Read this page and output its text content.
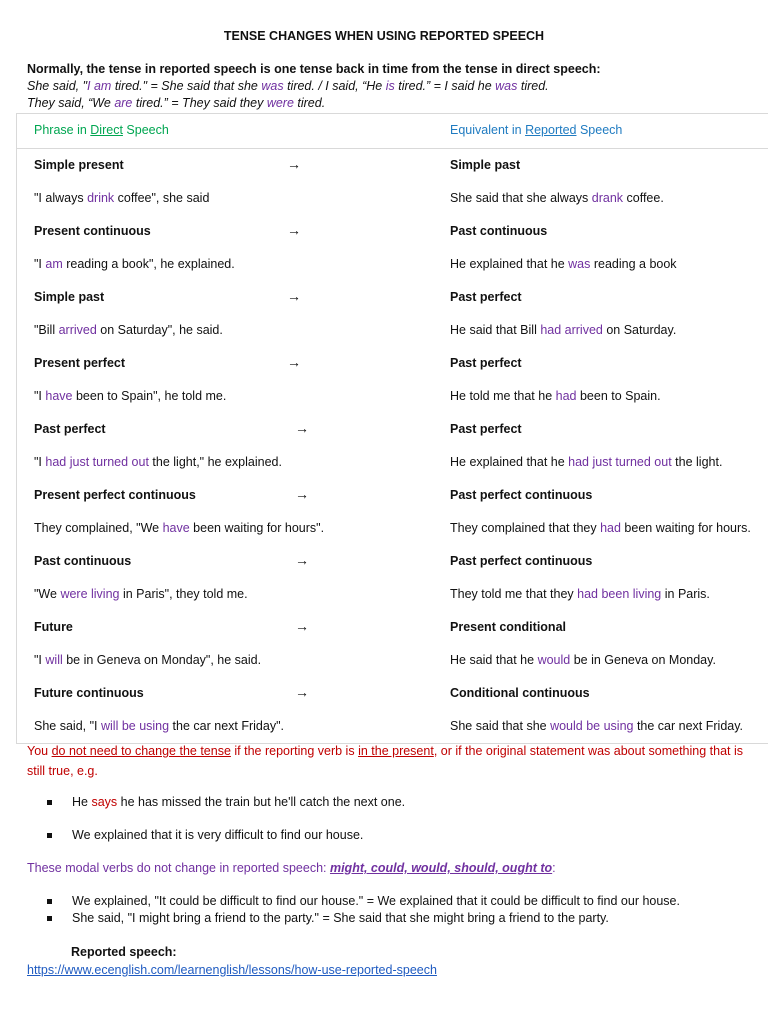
TENSE CHANGES WHEN USING REPORTED SPEECH
Normally, the tense in reported speech is one tense back in time from the tense in direct speech:
She said, "I am tired." = She said that she was tired. / I said, “He is tired.” = I said he was tired.
They said, “We are tired.” = They said they were tired.
Phrase in Direct Speech	Equivalent in Reported Speech
Simple present	→	Simple past
"I always drink coffee", she said	She said that she always drank coffee.
Present continuous	→	Past continuous
"I am reading a book", he explained.	He explained that he was reading a book
Simple past	→	Past perfect
"Bill arrived on Saturday", he said.	He said that Bill had arrived on Saturday.
Present perfect	→	Past perfect
"I have been to Spain", he told me.	He told me that he had been to Spain.
Past perfect	→	Past perfect
"I had just turned out the light," he explained.	He explained that he had just turned out the light.
Present perfect continuous	→	Past perfect continuous
They complained, "We have been waiting for hours".	They complained that they had been waiting for hours.
Past continuous	→	Past perfect continuous
"We were living in Paris", they told me.	They told me that they had been living in Paris.
Future	→	Present conditional
"I will be in Geneva on Monday", he said.	He said that he would be in Geneva on Monday.
Future continuous	→	Conditional continuous
She said, "I will be using the car next Friday".	She said that she would be using the car next Friday.
You do not need to change the tense if the reporting verb is in the present, or if the original statement was about something that is still true, e.g.
He says he has missed the train but he'll catch the next one.
We explained that it is very difficult to find our house.
These modal verbs do not change in reported speech: might, could, would, should, ought to:
We explained, "It could be difficult to find our house." = We explained that it could be difficult to find our house.
She said, "I might bring a friend to the party." = She said that she might bring a friend to the party.
Reported speech:
https://www.ecenglish.com/learnenglish/lessons/how-use-reported-speech
